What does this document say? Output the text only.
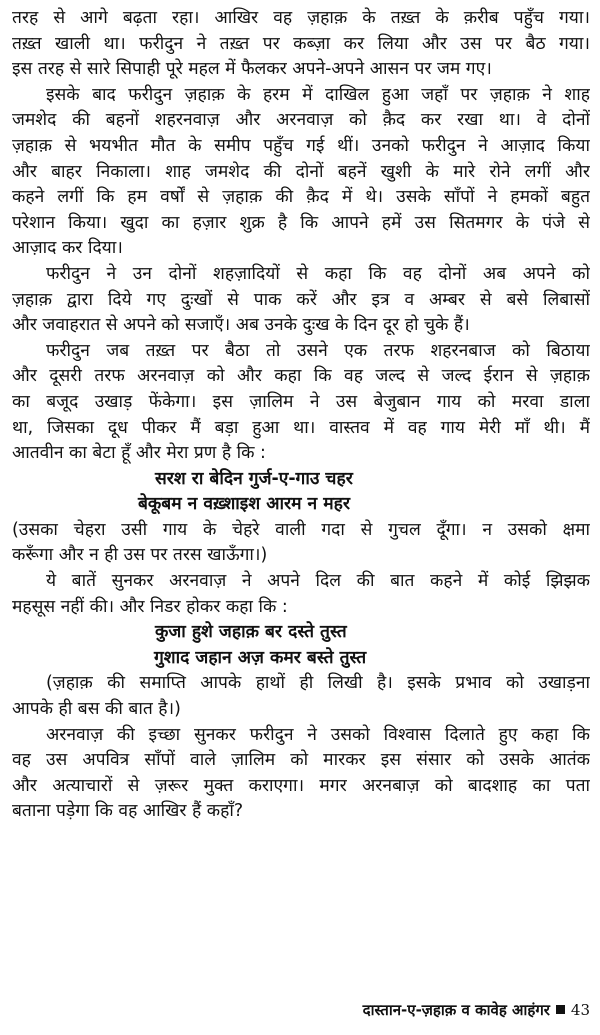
तरह से आगे बढ़ता रहा। आखिर वह ज़हाक़ के तख़्त के क़रीब पहुँच गया।
तख़्त खाली था। फरीदुन ने तख़्त पर कब्ज़ा कर लिया और उस पर बैठ गया।
इस तरह से सारे सिपाही पूरे महल में फैलकर अपने-अपने आसन पर जम गए।
इसके बाद फरीदुन ज़हाक़ के हरम में दाखिल हुआ जहाँ पर ज़हाक़ ने शाह
जमशेद की बहनों शहरनवाज़ और अरनवाज़ को क़ैद कर रखा था। वे दोनों
ज़हाक़ से भयभीत मौत के समीप पहुँच गई थीं। उनको फरीदुन ने आज़ाद किया
और बाहर निकाला। शाह जमशेद की दोनों बहनें खुशी के मारे रोने लगीं और
कहने लगीं कि हम वर्षों से ज़हाक़ की क़ैद में थे। उसके साँपों ने हमकों बहुत
परेशान किया। खुदा का हज़ार शुक्र है कि आपने हमें उस सितमगर के पंजे से
आज़ाद कर दिया।
फरीदुन ने उन दोनों शहज़ादियों से कहा कि वह दोनों अब अपने को
ज़हाक़ द्वारा दिये गए दुःखों से पाक करें और इत्र व अम्बर से बसे लिबासों
और जवाहरात से अपने को सजाएँ। अब उनके दुःख के दिन दूर हो चुके हैं।
फरीदुन जब तख़्त पर बैठा तो उसने एक तरफ शहरनबाज को बिठाया
और दूसरी तरफ अरनवाज़ को और कहा कि वह जल्द से जल्द ईरान से ज़हाक़
का बजूद उखाड़ फेंकेगा। इस ज़ालिम ने उस बेजुबान गाय को मरवा डाला
था, जिसका दूध पीकर मैं बड़ा हुआ था। वास्तव में वह गाय मेरी माँ थी। मैं
आतवीन का बेटा हूँ और मेरा प्रण है कि :
सरश रा बेदिन गुर्ज-ए-गाउ चहर
बेकूबम न वख़्शाइश आरम न महर
(उसका चेहरा उसी गाय के चेहरे वाली गदा से गुचल दूँगा। न उसको क्षमा
करूँगा और न ही उस पर तरस खाऊँगा।)
ये बातें सुनकर अरनवाज़ ने अपने दिल की बात कहने में कोई झिझक
महसूस नहीं की। और निडर होकर कहा कि :
कुजा हुशे जहाक़ बर दस्ते तुस्त
गुशाद जहान अज़ कमर बस्ते तुस्त
(ज़हाक़ की समाप्ति आपके हाथों ही लिखी है। इसके प्रभाव को उखाड़ना
आपके ही बस की बात है।)
अरनवाज़ की इच्छा सुनकर फरीदुन ने उसको विश्वास दिलाते हुए कहा कि
वह उस अपवित्र साँपों वाले ज़ालिम को मारकर इस संसार को उसके आतंक
और अत्याचारों से ज़रूर मुक्त कराएगा। मगर अरनबाज़ को बादशाह का पता
बताना पड़ेगा कि वह आखिर हैं कहाँ?
दास्तान-ए-ज़हाक़ व कावेह आहंगर 43
